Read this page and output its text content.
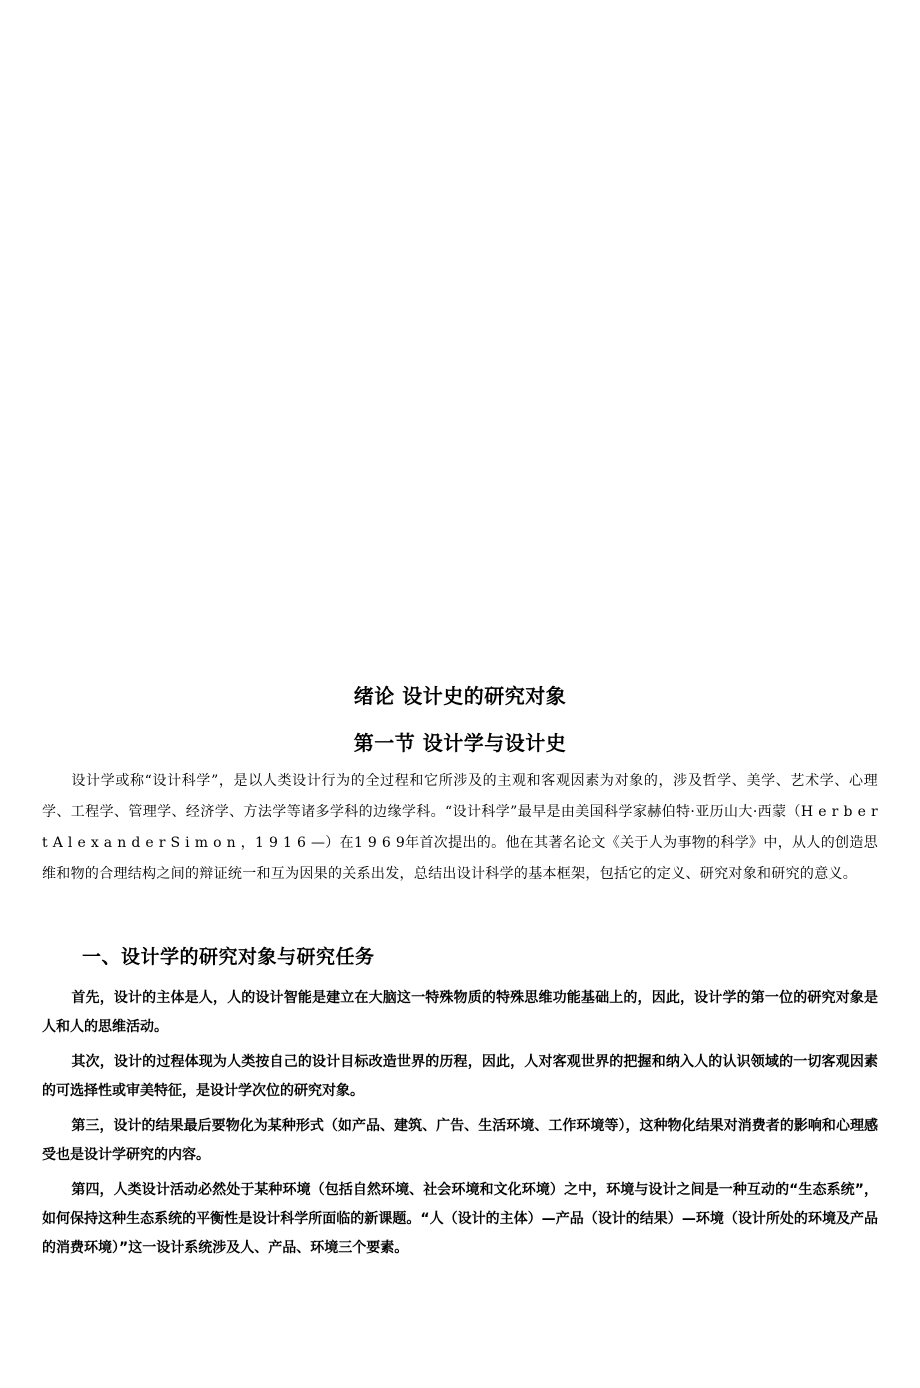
绪论 设计史的研究对象
第一节 设计学与设计史
设计学或称“设计科学”，是以人类设计行为的全过程和它所涉及的主观和客观因素为对象的，涉及哲学、美学、艺术学、心理学、工程学、管理学、经济学、方法学等诸多学科的边缘学科。“设计科学”最早是由美国科学家赫伯特·亚历山大·西蒙（H e r b e r t A l e x a n d e r S i m o n ，1 9 1 6 —）在1 9 6 9年首次提出的。他在其著名论文《关于人为事物的科学》中，从人的创造思维和物的合理结构之间的辩证统一和互为因果的关系出发，总结出设计科学的基本框架，包括它的定义、研究对象和研究的意义。
一、设计学的研究对象与研究任务

首先，设计的主体是人，人的设计智能是建立在大脑这一特殊物质的特殊思维功能基础上的，因此，设计学的第一位的研究对象是人和人的思维活动。

其次，设计的过程体现为人类按自己的设计目标改造世界的历程，因此，人对客观世界的把握和纳入人的认识领域的一切客观因素的可选择性或审美特征，是设计学次位的研究对象。

第三，设计的结果最后要物化为某种形式（如产品、建筑、广告、生活环境、工作环境等），这种物化结果对消费者的影响和心理感受也是设计学研究的内容。

第四，人类设计活动必然处于某种环境（包括自然环境、社会环境和文化环境）之中，环境与设计之间是一种互动的“生态系统”，如何保持这种生态系统的平衡性是设计科学所面临的新课题。“人（设计的主体）—产品（设计的结果）—环境（设计所处的环境及产品的消费环境）”这一设计系统涉及人、产品、环境三个要素。
